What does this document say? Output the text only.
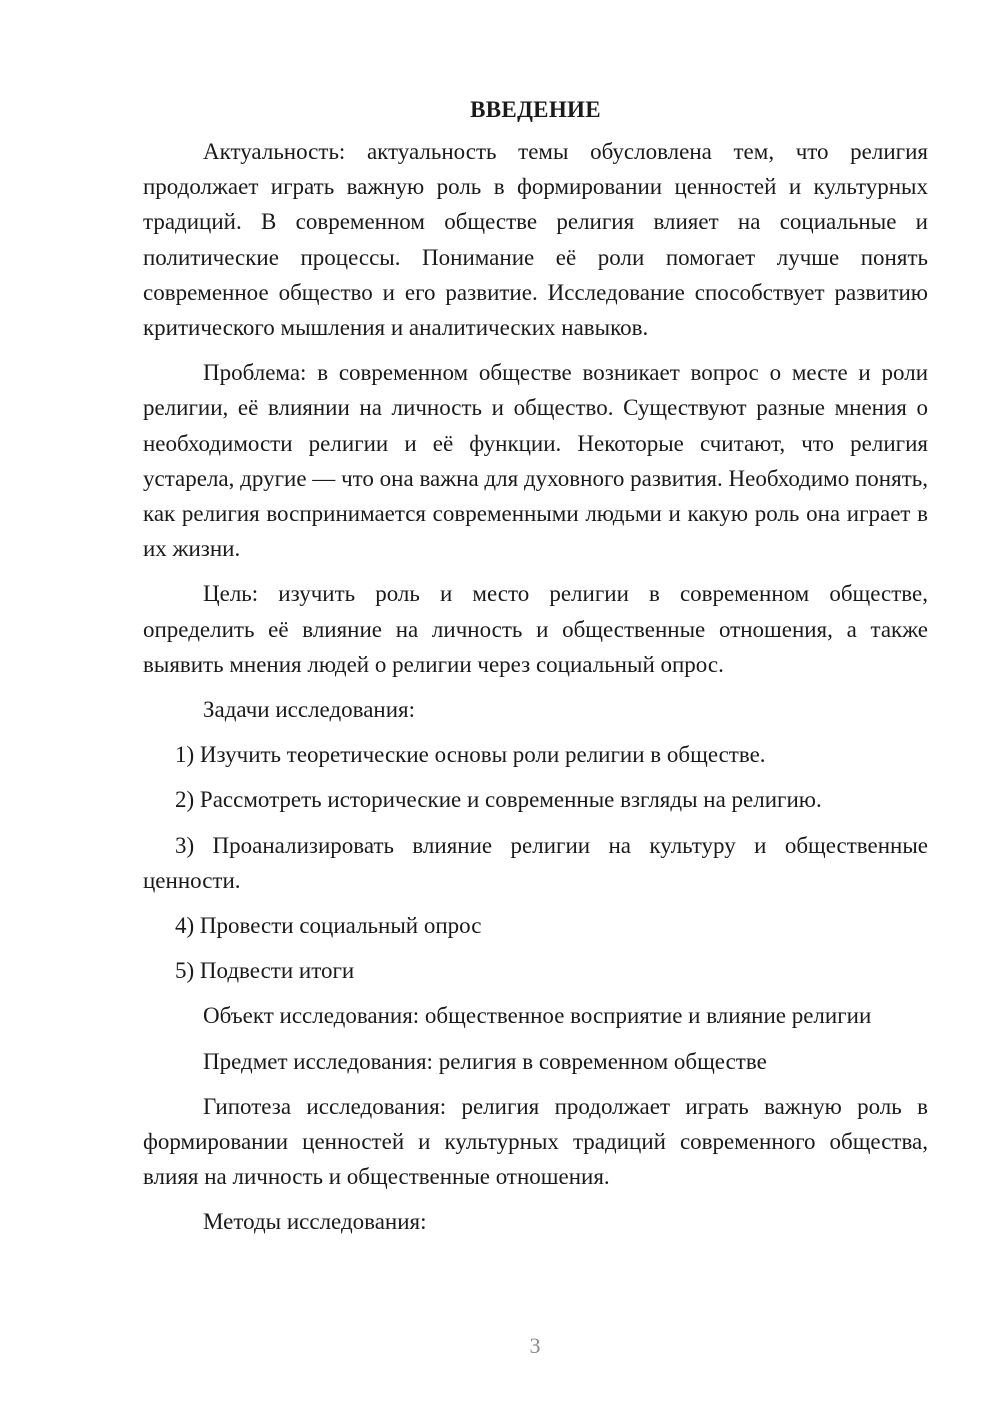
ВВЕДЕНИЕ

Актуальность: актуальность темы обусловлена тем, что религия продолжает играть важную роль в формировании ценностей и культурных традиций. В современном обществе религия влияет на социальные и политические процессы. Понимание её роли помогает лучше понять современное общество и его развитие. Исследование способствует развитию критического мышления и аналитических навыков.

Проблема: в современном обществе возникает вопрос о месте и роли религии, её влиянии на личность и общество. Существуют разные мнения о необходимости религии и её функции. Некоторые считают, что религия устарела, другие — что она важна для духовного развития. Необходимо понять, как религия воспринимается современными людьми и какую роль она играет в их жизни.

Цель: изучить роль и место религии в современном обществе, определить её влияние на личность и общественные отношения, а также выявить мнения людей о религии через социальный опрос.

Задачи исследования:

1) Изучить теоретические основы роли религии в обществе.

2) Рассмотреть исторические и современные взгляды на религию.

3) Проанализировать влияние религии на культуру и общественные ценности.

4) Провести социальный опрос

5) Подвести итоги

Объект исследования: общественное восприятие и влияние религии

Предмет исследования: религия в современном обществе

Гипотеза исследования: религия продолжает играть важную роль в формировании ценностей и культурных традиций современного общества, влияя на личность и общественные отношения.

Методы исследования:

3
